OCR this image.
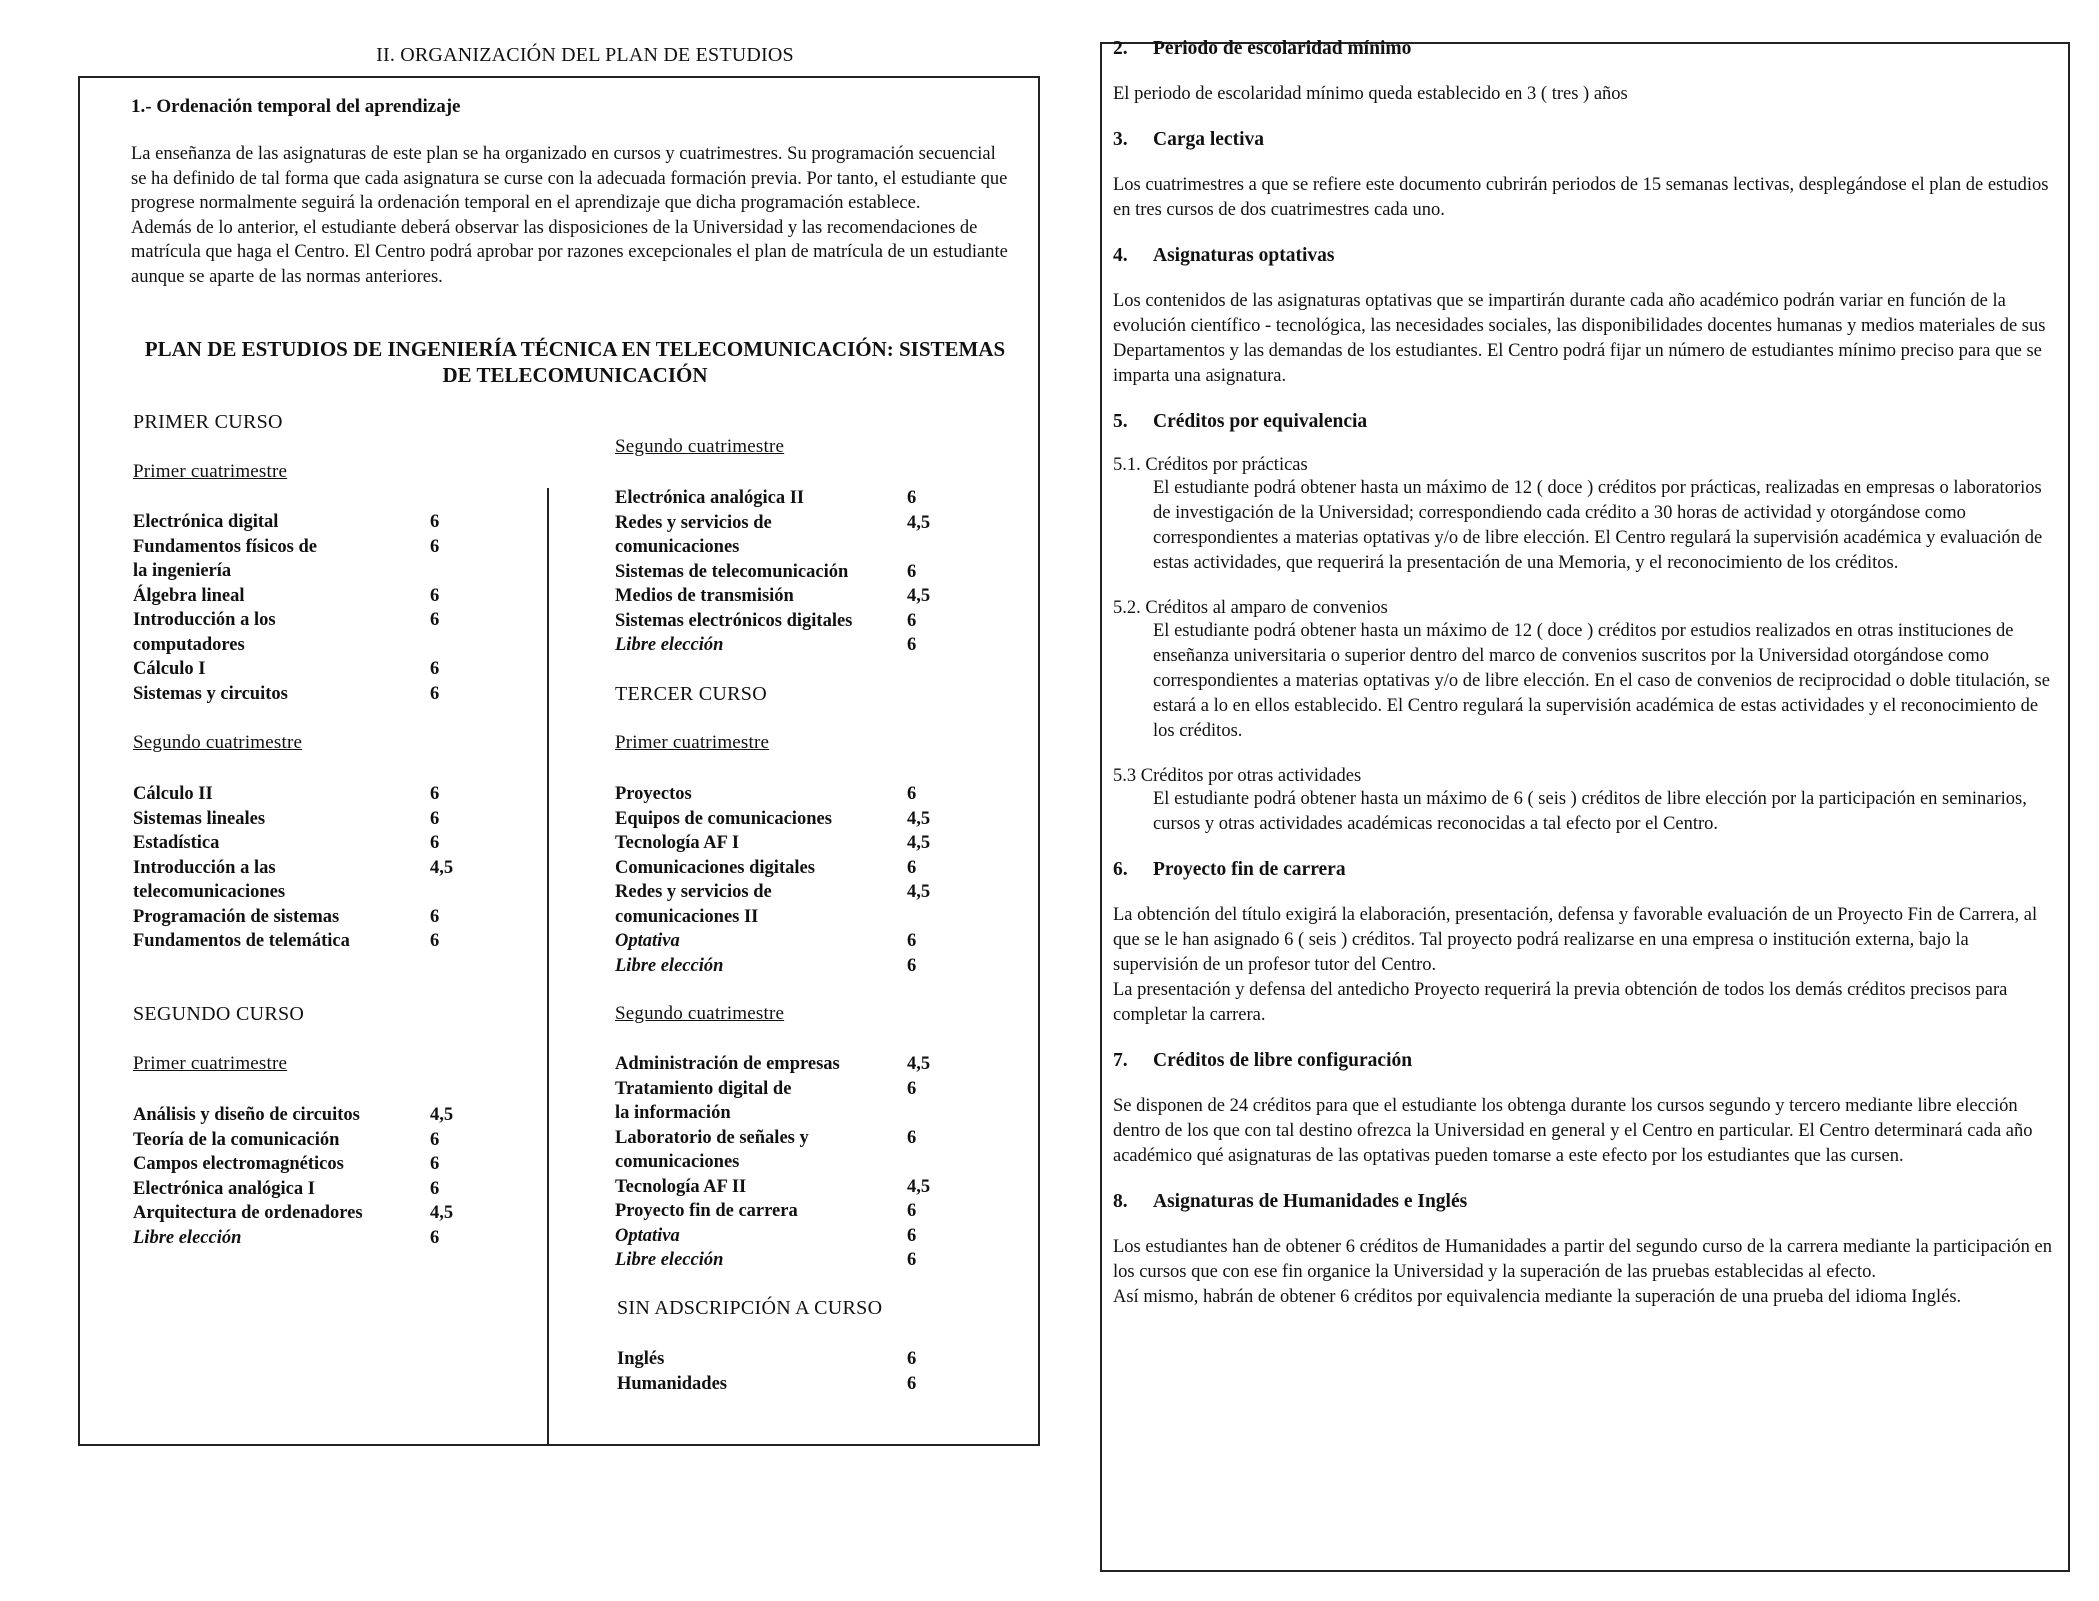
II. ORGANIZACIÓN DEL PLAN DE ESTUDIOS
1.- Ordenación temporal del aprendizaje

La enseñanza de las asignaturas de este plan se ha organizado en cursos y cuatrimestres. Su programación secuencial se ha definido de tal forma que cada asignatura se curse con la adecuada formación previa. Por tanto, el estudiante que progrese normalmente seguirá la ordenación temporal en el aprendizaje que dicha programación establece.

Además de lo anterior, el estudiante deberá observar las disposiciones de la Universidad y las recomendaciones de matrícula que haga el Centro. El Centro podrá aprobar por razones excepcionales el plan de matrícula de un estudiante aunque se aparte de las normas anteriores.

PLAN DE ESTUDIOS DE INGENIERÍA TÉCNICA EN TELECOMUNICACIÓN: SISTEMAS
DE TELECOMUNICACIÓN
PRIMER CURSO
Primer cuatrimestre
Electrónica digital	6
Fundamentos físicos de	6
la ingeniería
Álgebra lineal	6
Introducción a los	6
computadores
Cálculo I	6
Sistemas y circuitos	6
Segundo cuatrimestre
Cálculo II	6
Sistemas lineales	6
Estadística	6
Introducción a las	4,5
telecomunicaciones
Programación de sistemas	6
Fundamentos de telemática	6
SEGUNDO CURSO
Primer cuatrimestre
Análisis y diseño de circuitos	4,5
Teoría de la comunicación	6
Campos electromagnéticos	6
Electrónica analógica I	6
Arquitectura de ordenadores	4,5
Libre elección	6
Segundo cuatrimestre
Electrónica analógica II	6
Redes y servicios de	4,5
comunicaciones
Sistemas de telecomunicación	6
Medios de transmisión	4,5
Sistemas electrónicos digitales	6
Libre elección	6
TERCER CURSO
Primer cuatrimestre
Proyectos	6
Equipos de comunicaciones	4,5
Tecnología AF I	4,5
Comunicaciones digitales	6
Redes y servicios de	4,5
comunicaciones II
Optativa	6
Libre elección	6
Segundo cuatrimestre
Administración de empresas	4,5
Tratamiento digital de	6
la información
Laboratorio de señales y	6
comunicaciones
Tecnología AF II	4,5
Proyecto fin de carrera	6
Optativa	6
Libre elección	6
SIN ADSCRIPCIÓN A CURSO
Inglés	6
Humanidades	6
2. Periodo de escolaridad mínimo
El periodo de escolaridad mínimo queda establecido en 3 ( tres ) años
3. Carga lectiva
Los cuatrimestres a que se refiere este documento cubrirán periodos de 15 semanas lectivas, desplegándose el plan de estudios en tres cursos de dos cuatrimestres cada uno.
4. Asignaturas optativas
Los contenidos de las asignaturas optativas que se impartirán durante cada año académico podrán variar en función de la evolución científico - tecnológica, las necesidades sociales, las disponibilidades docentes humanas y medios materiales de sus Departamentos y las demandas de los estudiantes. El Centro podrá fijar un número de estudiantes mínimo preciso para que se imparta una asignatura.
5. Créditos por equivalencia
5.1. Créditos por prácticas
El estudiante podrá obtener hasta un máximo de 12 ( doce ) créditos por prácticas, realizadas en empresas o laboratorios de investigación de la Universidad; correspondiendo cada crédito a 30 horas de actividad y otorgándose como correspondientes a materias optativas y/o de libre elección. El Centro regulará la supervisión académica y evaluación de estas actividades, que requerirá la presentación de una Memoria, y el reconocimiento de los créditos.
5.2. Créditos al amparo de convenios
El estudiante podrá obtener hasta un máximo de 12 ( doce ) créditos por estudios realizados en otras instituciones de enseñanza universitaria o superior dentro del marco de convenios suscritos por la Universidad otorgándose como correspondientes a materias optativas y/o de libre elección. En el caso de convenios de reciprocidad o doble titulación, se estará a lo en ellos establecido. El Centro regulará la supervisión académica de estas actividades y el reconocimiento de los créditos.
5.3 Créditos por otras actividades
El estudiante podrá obtener hasta un máximo de 6 ( seis ) créditos de libre elección por la participación en seminarios, cursos y otras actividades académicas reconocidas a tal efecto por el Centro.
6. Proyecto fin de carrera

La obtención del título exigirá la elaboración, presentación, defensa y favorable evaluación de un Proyecto Fin de Carrera, al que se le han asignado 6 ( seis ) créditos. Tal proyecto podrá realizarse en una empresa o institución externa, bajo la supervisión de un profesor tutor del Centro.

La presentación y defensa del antedicho Proyecto requerirá la previa obtención de todos los demás créditos precisos para completar la carrera.

7. Créditos de libre configuración
Se disponen de 24 créditos para que el estudiante los obtenga durante los cursos segundo y tercero mediante libre elección dentro de los que con tal destino ofrezca la Universidad en general y el Centro en particular. El Centro determinará cada año académico qué asignaturas de las optativas pueden tomarse a este efecto por los estudiantes que las cursen.
8. Asignaturas de Humanidades e Inglés

Los estudiantes han de obtener 6 créditos de Humanidades a partir del segundo curso de la carrera mediante la participación en los cursos que con ese fin organice la Universidad y la superación de las pruebas establecidas al efecto.

Así mismo, habrán de obtener 6 créditos por equivalencia mediante la superación de una prueba del idioma Inglés.
